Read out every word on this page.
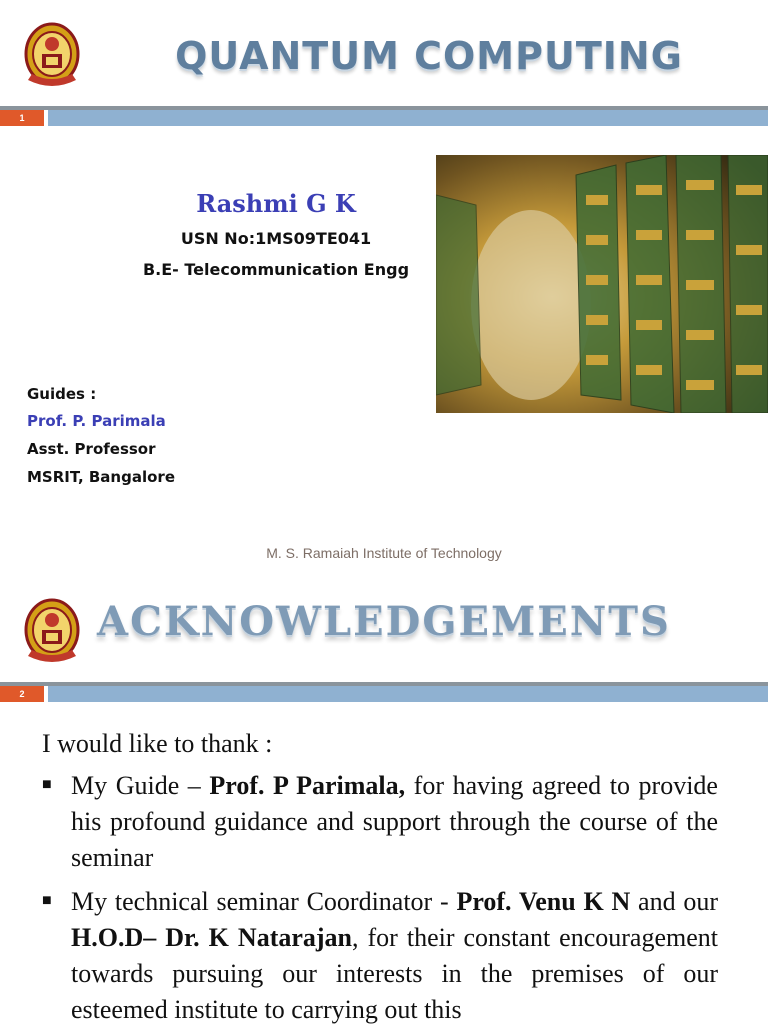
QUANTUM COMPUTING
1
Rashmi G K
USN No:1MS09TE041
B.E- Telecommunication Engg
Guides :
Prof. P. Parimala
Asst. Professor
MSRIT, Bangalore
M. S. Ramaiah Institute of Technology
ACKNOWLEDGEMENTS
2
I would like to thank :
■ My Guide – Prof. P Parimala, for having agreed to provide his profound guidance and support through the course of the seminar
■ My technical seminar Coordinator - Prof. Venu K N and our H.O.D– Dr. K Natarajan, for their constant encouragement towards pursuing our interests in the premises of our esteemed institute to carrying out this
